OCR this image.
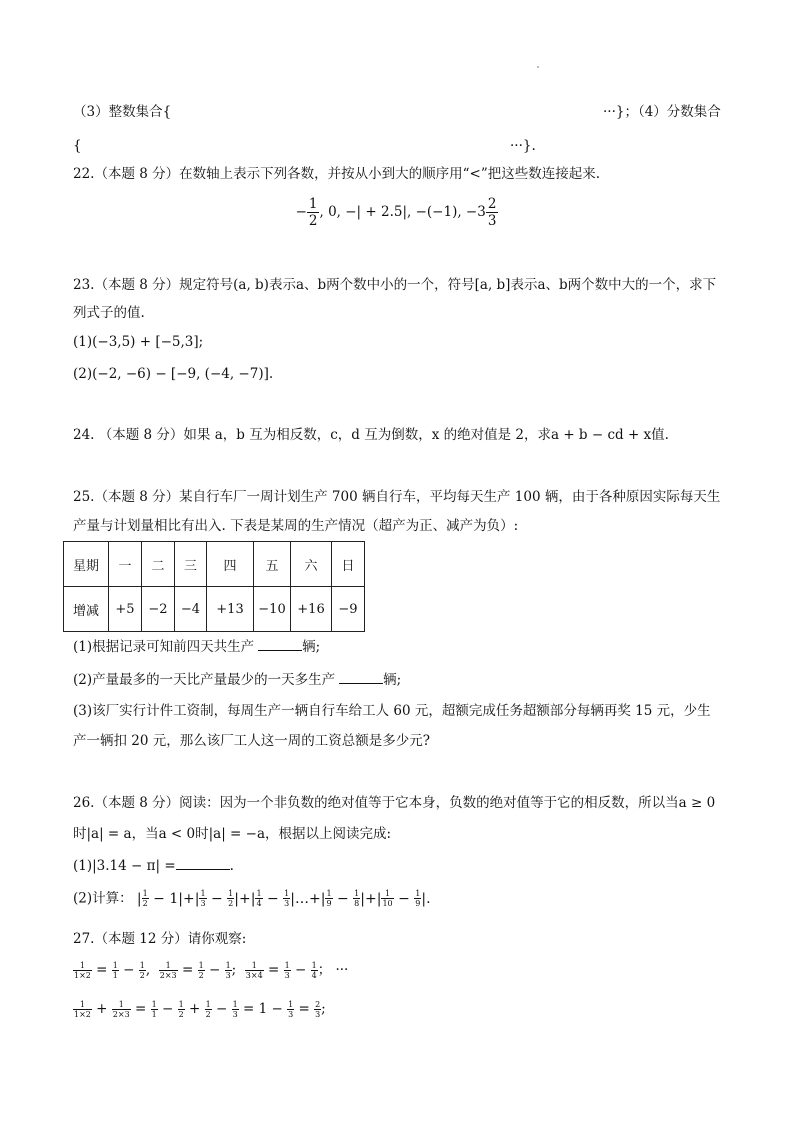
（3）整数集合{	···}；（4）分数集合
{	···}.
22.（本题 8 分）在数轴上表示下列各数，并按从小到大的顺序用“<”把这些数连接起来.
− $\frac{1}{2}$ , 0, −| + 2.5|, −(−1), $-3 \frac{2}{3}$
23.（本题 8 分）规定符号(a, b)表示a、b两个数中小的一个，符号[a, b]表示a、b两个数中大的一个，求下
列式子的值.
(1)(−3,5) + [−5,3];
(2)(−2, −6) − [−9, (−4, −7)].
24. （本题 8 分）如果 a，b 互为相反数，c，d 互为倒数，x 的绝对值是 2，求a + b − cd + x值.
25.（本题 8 分）某自行车厂一周计划生产 700 辆自行车，平均每天生产 100 辆，由于各种原因实际每天生
产量与计划量相比有出入. 下表是某周的生产情况（超产为正、减产为负）:
星期	一	二	三	四	五	六	日
增减	+5	−2	−4	+13	−10	+16	−9
(1)根据记录可知前四天共生产	辆;
(2)产量最多的一天比产量最少的一天多生产	辆;
(3)该厂实行计件工资制，每周生产一辆自行车给工人 60 元，超额完成任务超额部分每辆再奖 15 元，少生
产一辆扣 20 元，那么该厂工人这一周的工资总额是多少元?
26.（本题 8 分）阅读：因为一个非负数的绝对值等于它本身，负数的绝对值等于它的相反数，所以当a ≥ 0
时|a| = a，当a < 0时|a| = −a，根据以上阅读完成:
(1)|3.14 − π| =	.
(2)计算： | $\frac{1}{2} - 1|+| \frac{1}{3} - \frac{1}{2}$ |+| $\frac{1}{4} - \frac{1}{3}$ |…+| $\frac{1}{9} - \frac{1}{8}$ |+| $\frac{1}{10} - \frac{1}{9}$ |.
27.（本题 12 分）请你观察:
$\frac{1}{1\times 2} = \frac{1}{1} - \frac{1}{2}$ , $\frac{1}{2\times 3} = \frac{1}{2} - \frac{1}{3}$ ; $\frac{1}{3\times 4} = \frac{1}{3} - \frac{1}{4}$ ； ···
$\frac{1}{1\times 2} + \frac{1}{2\times 3} = \frac{1}{1} - \frac{1}{2} + \frac{1}{2} - \frac{1}{3} = 1 - \frac{1}{3} = \frac{2}{3}$ ;
